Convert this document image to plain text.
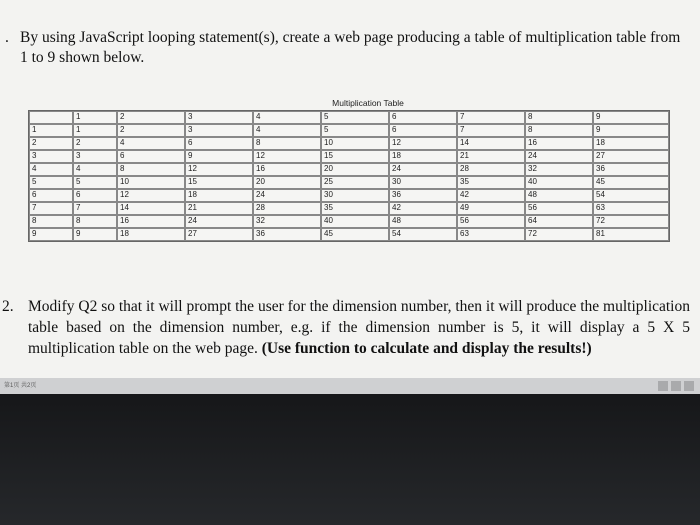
. By using JavaScript looping statement(s), create a web page producing a table of multiplication table from 1 to 9 shown below.
Multiplication Table
	1	2	3	4	5	6	7	8	9
1	1	2	3	4	5	6	7	8	9
2	2	4	6	8	10	12	14	16	18
3	3	6	9	12	15	18	21	24	27
4	4	8	12	16	20	24	28	32	36
5	5	10	15	20	25	30	35	40	45
6	6	12	18	24	30	36	42	48	54
7	7	14	21	28	35	42	49	56	63
8	8	16	24	32	40	48	56	64	72
9	9	18	27	36	45	54	63	72	81
2. Modify Q2 so that it will prompt the user for the dimension number, then it will produce the multiplication table based on the dimension number, e.g. if the dimension number is 5, it will display a 5 X 5 multiplication table on the web page. (Use function to calculate and display the results!)
第1页 共2页
